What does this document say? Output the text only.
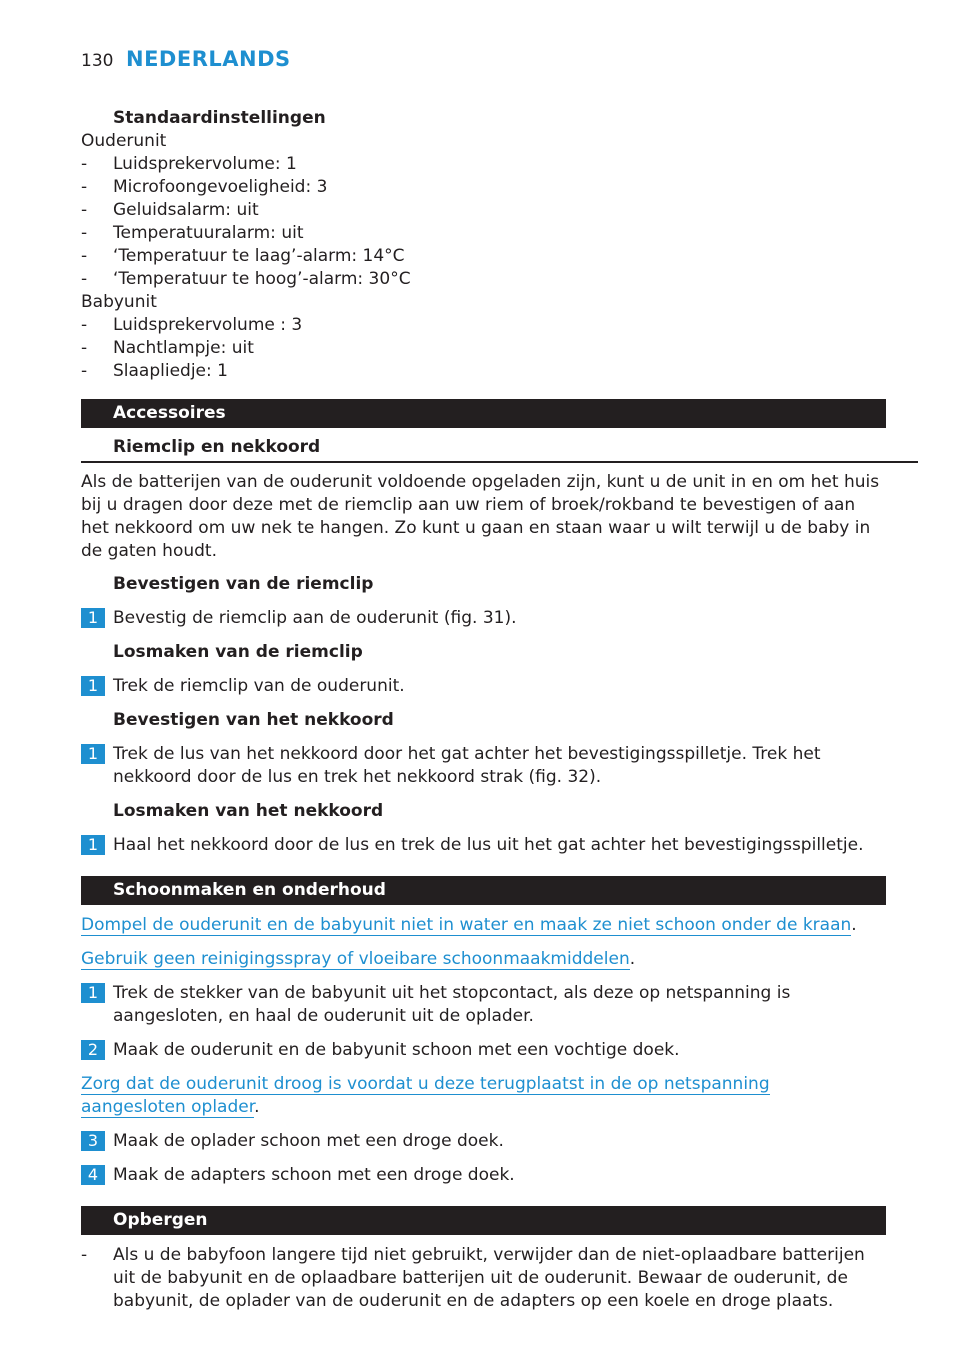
130 NEDERLANDS
Standaardinstellingen
Ouderunit
-	Luidsprekervolume: 1
-	Microfoongevoeligheid: 3
-	Geluidsalarm: uit
-	Temperatuuralarm: uit
-	‘Temperatuur te laag’-alarm: 14°C
-	‘Temperatuur te hoog’-alarm: 30°C
Babyunit
-	Luidsprekervolume : 3
-	Nachtlampje: uit
-	Slaapliedje: 1
Accessoires
Riemclip en nekkoord
Als de batterijen van de ouderunit voldoende opgeladen zijn, kunt u de unit in en om het huis bij u dragen door deze met de riemclip aan uw riem of broek/rokband te bevestigen of aan het nekkoord om uw nek te hangen. Zo kunt u gaan en staan waar u wilt terwijl u de baby in de gaten houdt.
Bevestigen van de riemclip
1 Bevestig de riemclip aan de ouderunit (fig. 31).
Losmaken van de riemclip
1 Trek de riemclip van de ouderunit.
Bevestigen van het nekkoord
1 Trek de lus van het nekkoord door het gat achter het bevestigingsspilletje. Trek het nekkoord door de lus en trek het nekkoord strak (fig. 32).
Losmaken van het nekkoord
1 Haal het nekkoord door de lus en trek de lus uit het gat achter het bevestigingsspilletje.
Schoonmaken en onderhoud
Dompel de ouderunit en de babyunit niet in water en maak ze niet schoon onder de kraan.
Gebruik geen reinigingsspray of vloeibare schoonmaakmiddelen.
1 Trek de stekker van de babyunit uit het stopcontact, als deze op netspanning is aangesloten, en haal de ouderunit uit de oplader.
2 Maak de ouderunit en de babyunit schoon met een vochtige doek.
Zorg dat de ouderunit droog is voordat u deze terugplaatst in de op netspanning aangesloten oplader.
3 Maak de oplader schoon met een droge doek.
4 Maak de adapters schoon met een droge doek.
Opbergen
-	Als u de babyfoon langere tijd niet gebruikt, verwijder dan de niet-oplaadbare batterijen uit de babyunit en de oplaadbare batterijen uit de ouderunit. Bewaar de ouderunit, de babyunit, de oplader van de ouderunit en de adapters op een koele en droge plaats.
